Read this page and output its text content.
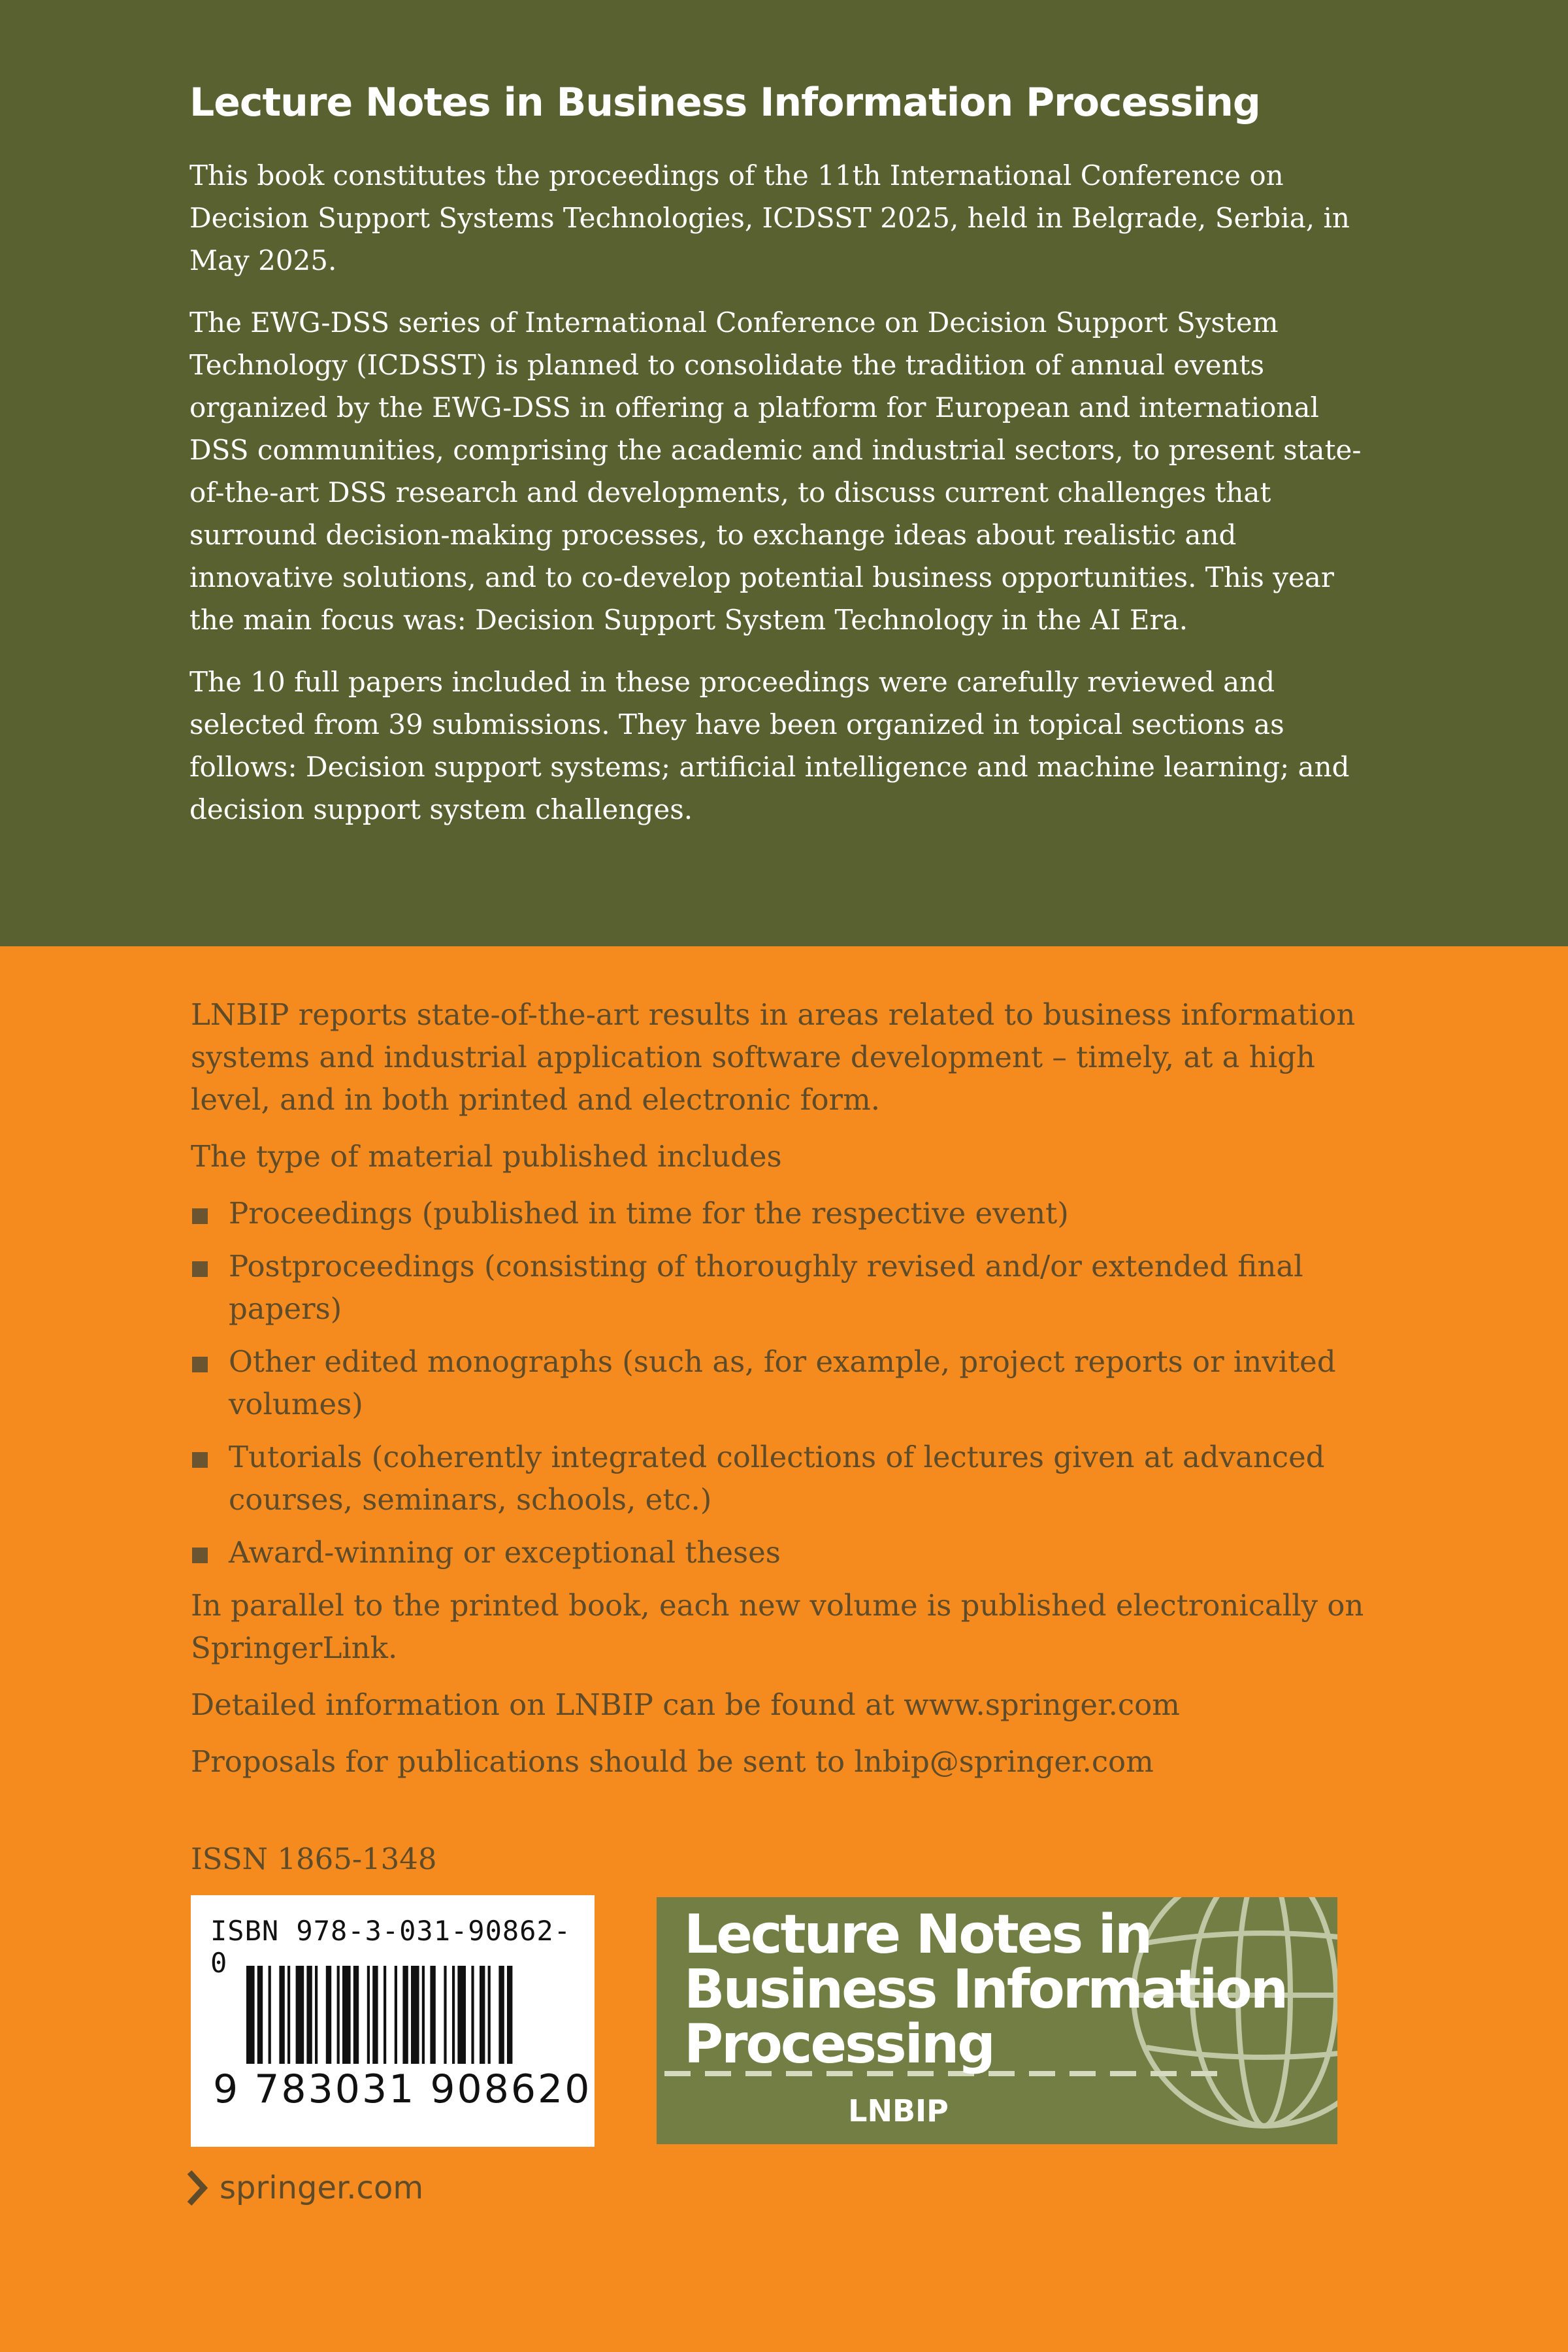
Lecture Notes in Business Information Processing

This book constitutes the proceedings of the 11th International Conference on Decision Support Systems Technologies, ICDSST 2025, held in Belgrade, Serbia, in May 2025.

The EWG-DSS series of International Conference on Decision Support System Technology (ICDSST) is planned to consolidate the tradition of annual events organized by the EWG-DSS in offering a platform for European and international DSS communities, comprising the academic and industrial sectors, to present state-of-the-art DSS research and developments, to discuss current challenges that surround decision-making processes, to exchange ideas about realistic and innovative solutions, and to co-develop potential business opportunities. This year the main focus was: Decision Support System Technology in the AI Era.

The 10 full papers included in these proceedings were carefully reviewed and selected from 39 submissions. They have been organized in topical sections as follows: Decision support systems; artificial intelligence and machine learning; and decision support system challenges.

LNBIP reports state-of-the-art results in areas related to business information systems and industrial application software development – timely, at a high level, and in both printed and electronic form.

The type of material published includes

Proceedings (published in time for the respective event)
Postproceedings (consisting of thoroughly revised and/or extended final papers)
Other edited monographs (such as, for example, project reports or invited volumes)
Tutorials (coherently integrated collections of lectures given at advanced courses, seminars, schools, etc.)
Award-winning or exceptional theses

In parallel to the printed book, each new volume is published electronically on SpringerLink.

Detailed information on LNBIP can be found at www.springer.com

Proposals for publications should be sent to lnbip@springer.com

ISSN 1865-1348
ISBN 978-3-031-90862-0
9 783031 908620
Lecture Notes in Business Information Processing
LNBIP
springer.com
